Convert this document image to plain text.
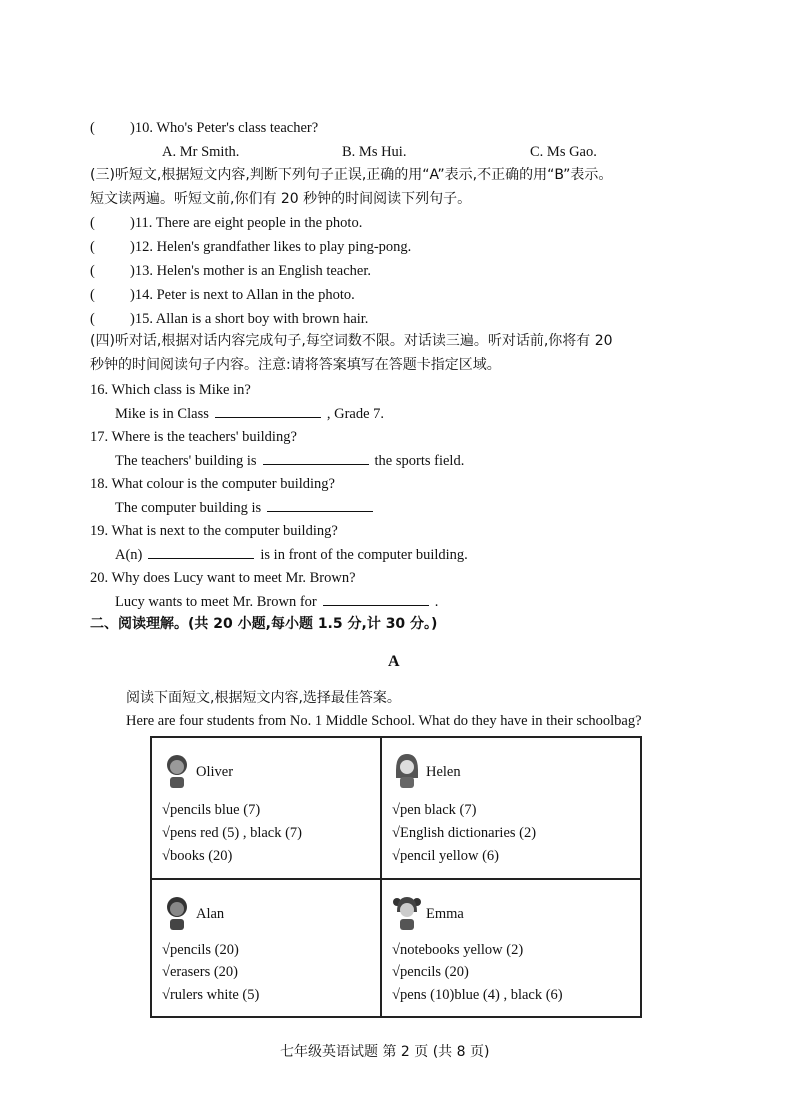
( )10. Who's Peter's class teacher?
A. Mr Smith.	B. Ms Hui.	C. Ms Gao.
(三)听短文,根据短文内容,判断下列句子正误,正确的用“A”表示,不正确的用“B”表示。
短文读两遍。听短文前,你们有 20 秒钟的时间阅读下列句子。
( )11. There are eight people in the photo.
( )12. Helen's grandfather likes to play ping-pong.
( )13. Helen's mother is an English teacher.
( )14. Peter is next to Allan in the photo.
( )15. Allan is a short boy with brown hair.
(四)听对话,根据对话内容完成句子,每空词数不限。对话读三遍。听对话前,你将有 20
秒钟的时间阅读句子内容。注意:请将答案填写在答题卡指定区域。
16. Which class is Mike in?
Mike is in Class	, Grade 7.
17. Where is the teachers' building?
The teachers' building is	the sports field.
18. What colour is the computer building?
The computer building is
19. What is next to the computer building?
A(n)	is in front of the computer building.
20. Why does Lucy want to meet Mr. Brown?
Lucy wants to meet Mr. Brown for	.
二、阅读理解。(共 20 小题,每小题 1.5 分,计 30 分。)
A
阅读下面短文,根据短文内容,选择最佳答案。
Here are four students from No. 1 Middle School. What do they have in their schoolbag?
Oliver
√pencils blue (7)
√pens red (5) , black (7)
√books (20)
Helen
√pen black (7)
√English dictionaries (2)
√pencil yellow (6)
Alan
√pencils (20)
√erasers (20)
√rulers white (5)
Emma
√notebooks yellow (2)
√pencils (20)
√pens (10)blue (4) , black (6)
七年级英语试题 第 2 页 (共 8 页)
